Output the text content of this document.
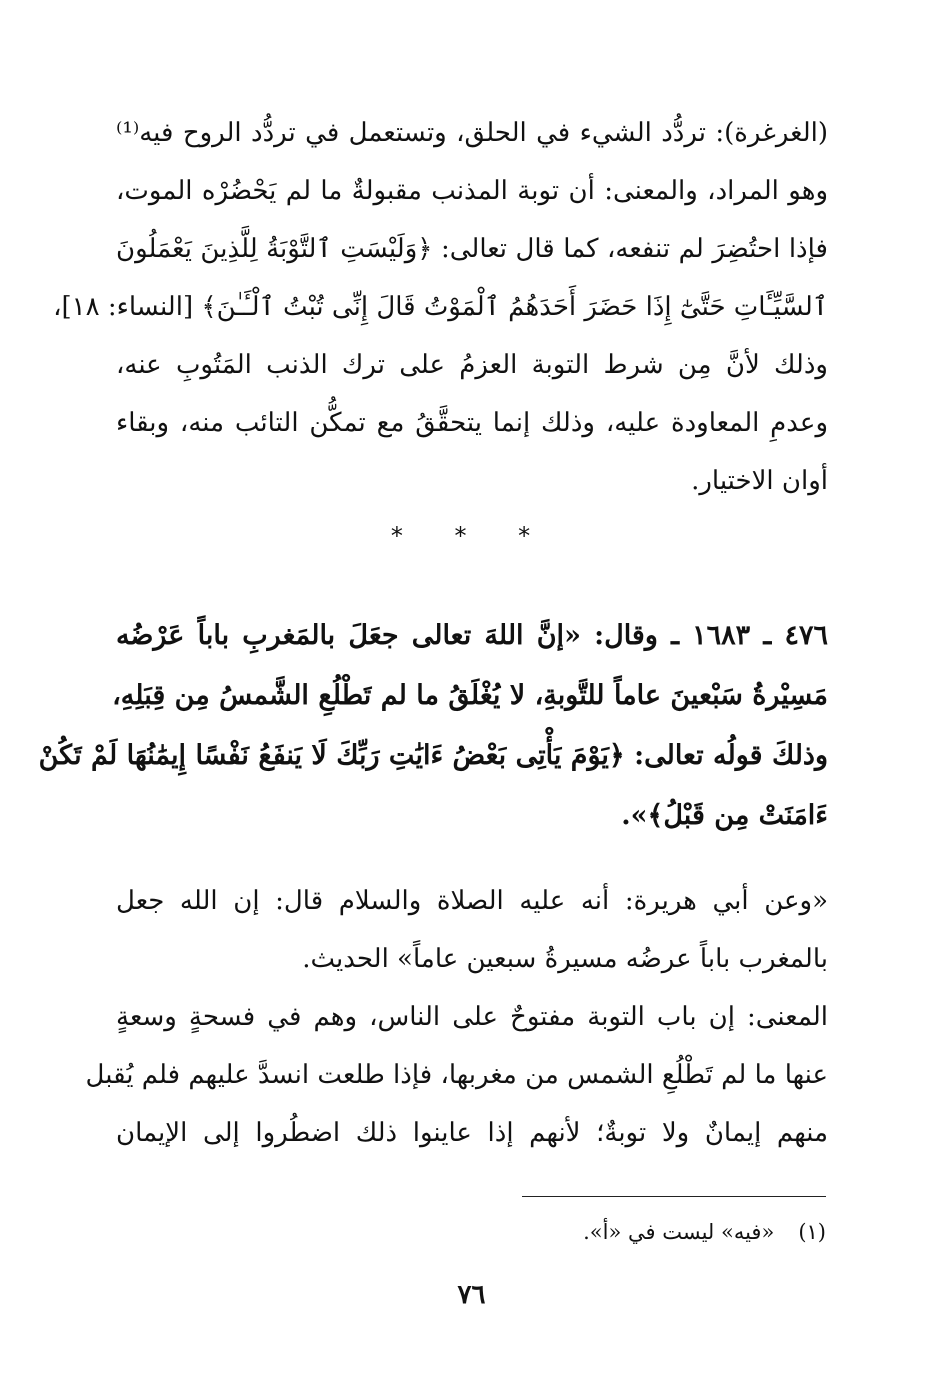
(الغرغرة): تردُّد الشيء في الحلق، وتستعمل في تردُّد الروح فيه⁽¹⁾
وهو المراد، والمعنى: أن توبة المذنب مقبولةٌ ما لم يَحْضُرْه الموت،
فإذا احتُضِرَ لم تنفعه، كما قال تعالى: ﴿وَلَيْسَتِ ٱلتَّوْبَةُ لِلَّذِينَ يَعْمَلُونَ
ٱلسَّيِّـَٔاتِ حَتَّىٰٓ إِذَا حَضَرَ أَحَدَهُمُ ٱلْمَوْتُ قَالَ إِنِّى تُبْتُ ٱلْـَٔـٰنَ﴾ [النساء: ١٨]،
وذلك لأنَّ مِن شرط التوبة العزمُ على ترك الذنب المَتُوبِ عنه،
وعدمِ المعاودة عليه، وذلك إنما يتحقَّقُ مع تمكُّن التائب منه، وبقاء
أوان الاختيار.
* * *
٤٧٦ ـ ١٦٨٣ ـ وقال: «إنَّ اللهَ تعالى جعَلَ بالمَغربِ باباً عَرْضُه
مَسِيْرةُ سَبْعينَ عاماً للتَّوبةِ، لا يُغْلَقُ ما لم تَطْلُعِ الشَّمسُ مِن قِبَلِهِ،
وذلكَ قولُه تعالى: ﴿يَوْمَ يَأْتِى بَعْضُ ءَايَٰتِ رَبِّكَ لَا يَنفَعُ نَفْسًا إِيمَٰنُهَا لَمْ تَكُنْ
ءَامَنَتْ مِن قَبْلُ﴾».
«وعن أبي هريرة: أنه عليه الصلاة والسلام قال: إن الله جعل
بالمغرب باباً عرضُه مسيرةُ سبعين عاماً» الحديث.
المعنى: إن باب التوبة مفتوحٌ على الناس، وهم في فسحةٍ وسعةٍ
عنها ما لم تَطْلُعِ الشمس من مغربها، فإذا طلعت انسدَّ عليهم فلم يُقبل
منهم إيمانٌ ولا توبةٌ؛ لأنهم إذا عاينوا ذلك اضطُروا إلى الإيمان
(١)«فيه» ليست في «أ».
٧٦
